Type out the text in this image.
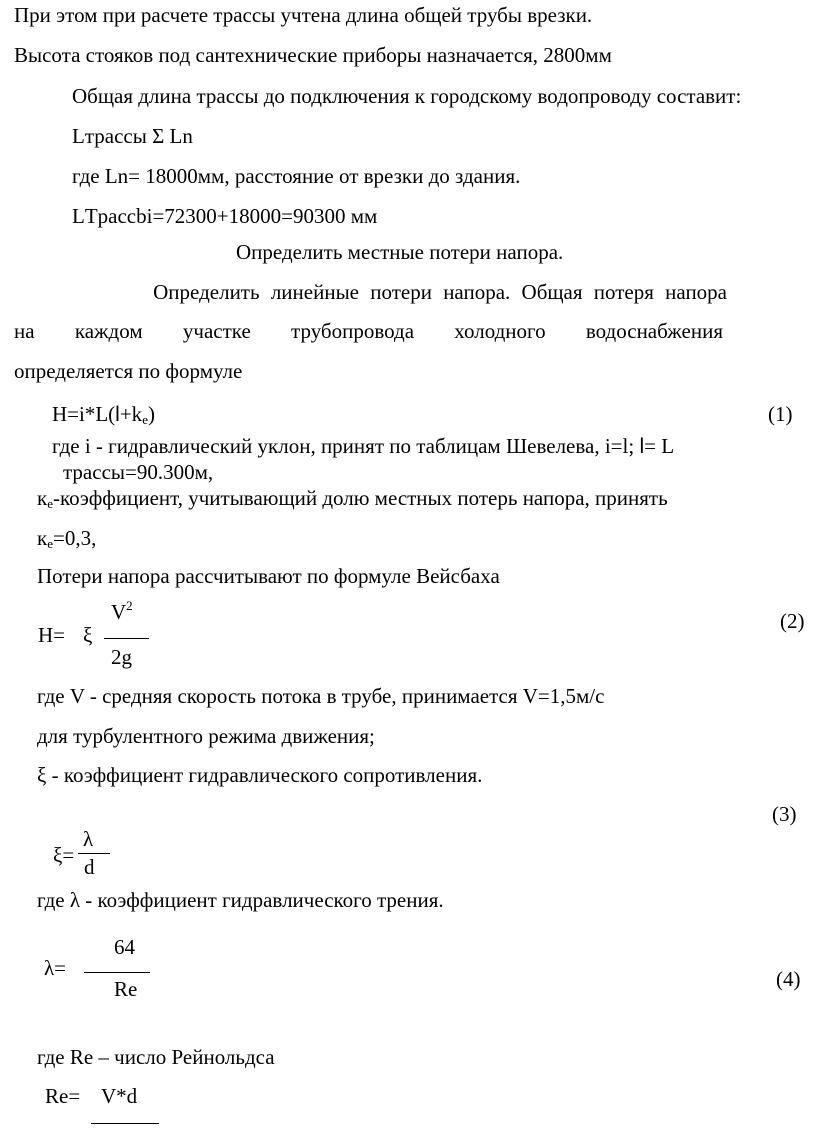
При этом при расчете трассы учтена длина общей трубы врезки.
Высота стояков под сантехнические приборы назначается, 2800мм
Общая длина трассы до подключения к городскому водопроводу составит:
Lтрассы Σ Ln
где Ln= 18000мм, расстояние от врезки до здания.
LТpaccbi=72300+18000=90300 мм
Определить местные потери напора.
Определить линейные потери напора. Общая потеря напора
на каждом участке трубопровода холодного водоснабжения
определяется по формуле
$H=i*L(l+k_e)$	(1)
где i - гидравлический уклон, принят по таблицам Шевелева, i=l; l= L
трассы=90.300м,
$к_е$-коэффициент, учитывающий долю местных потерь напора, принять
$к_е=0,3$,
Потери напора рассчитывают по формуле Вейсбаха
$V^2$
H= ξ
2g
(2)
где V - средняя скорость потока в трубе, принимается V=1,5м/с
для турбулентного режима движения;
ξ - коэффициент гидравлического сопротивления.
(3)
λ
ξ= d
где λ - коэффициент гидравлического трения.
64
λ=
Re	(4)
где Re – число Рейнольдса
Re= V*d
